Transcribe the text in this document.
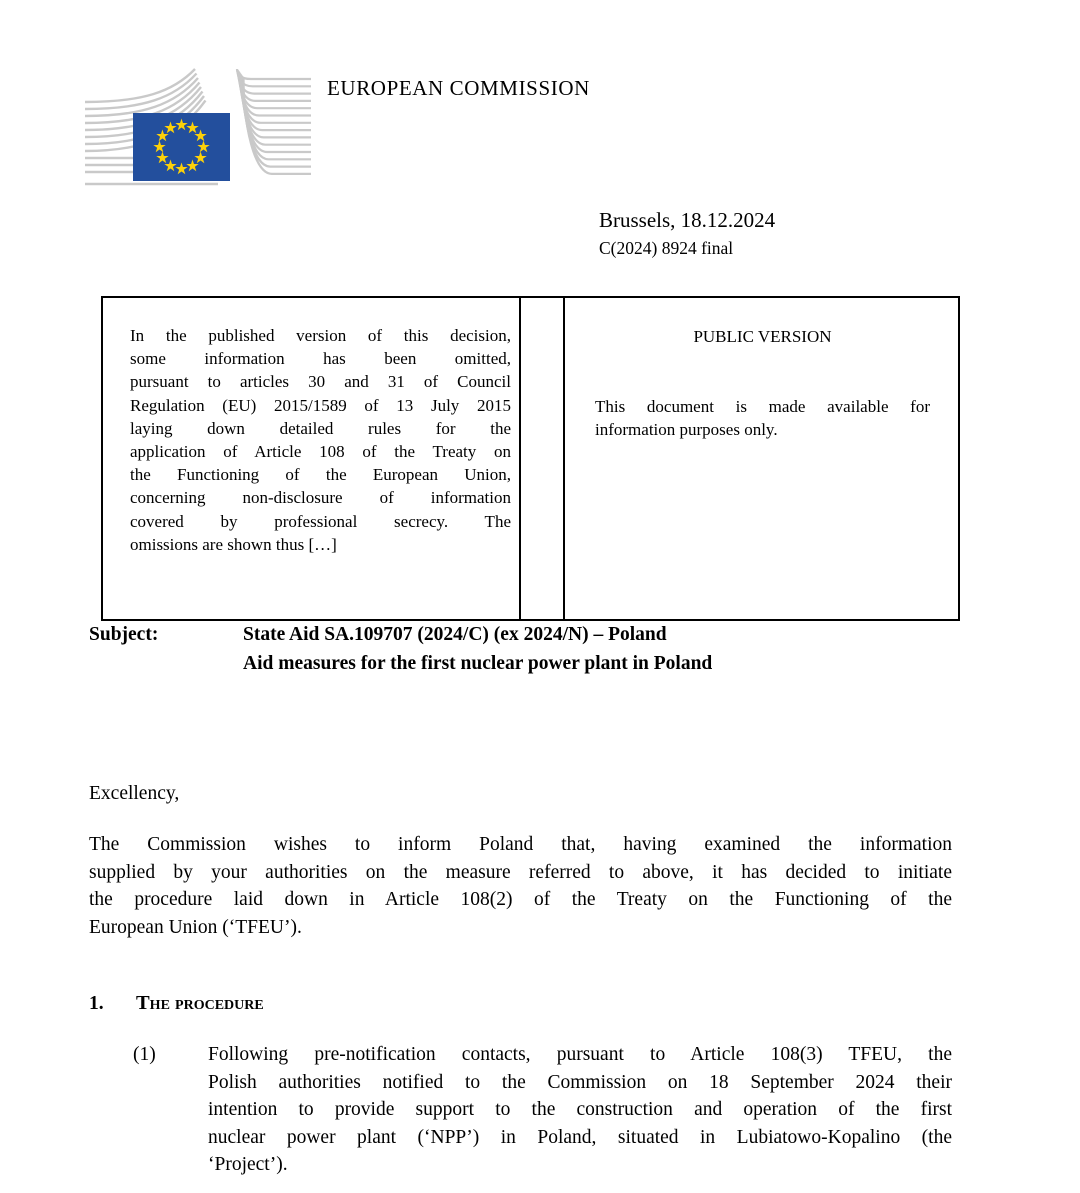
EUROPEAN COMMISSION
Brussels, 18.12.2024
C(2024) 8924 final
In the published version of this decision,
some information has been omitted,
pursuant to articles 30 and 31 of Council
Regulation (EU) 2015/1589 of 13 July 2015
laying down detailed rules for the
application of Article 108 of the Treaty on
the Functioning of the European Union,
concerning non-disclosure of information
covered by professional secrecy. The
omissions are shown thus […]
PUBLIC VERSION
This document is made available for
information purposes only.
Subject:	State Aid SA.109707 (2024/C) (ex 2024/N) – Poland
Aid measures for the first nuclear power plant in Poland
Excellency,
The Commission wishes to inform Poland that, having examined the information
supplied by your authorities on the measure referred to above, it has decided to initiate
the procedure laid down in Article 108(2) of the Treaty on the Functioning of the
European Union (‘TFEU’).
1.	The procedure
(1)	Following pre-notification contacts, pursuant to Article 108(3) TFEU, the
Polish authorities notified to the Commission on 18 September 2024 their
intention to provide support to the construction and operation of the first
nuclear power plant (‘NPP’) in Poland, situated in Lubiatowo-Kopalino (the
‘Project’).
